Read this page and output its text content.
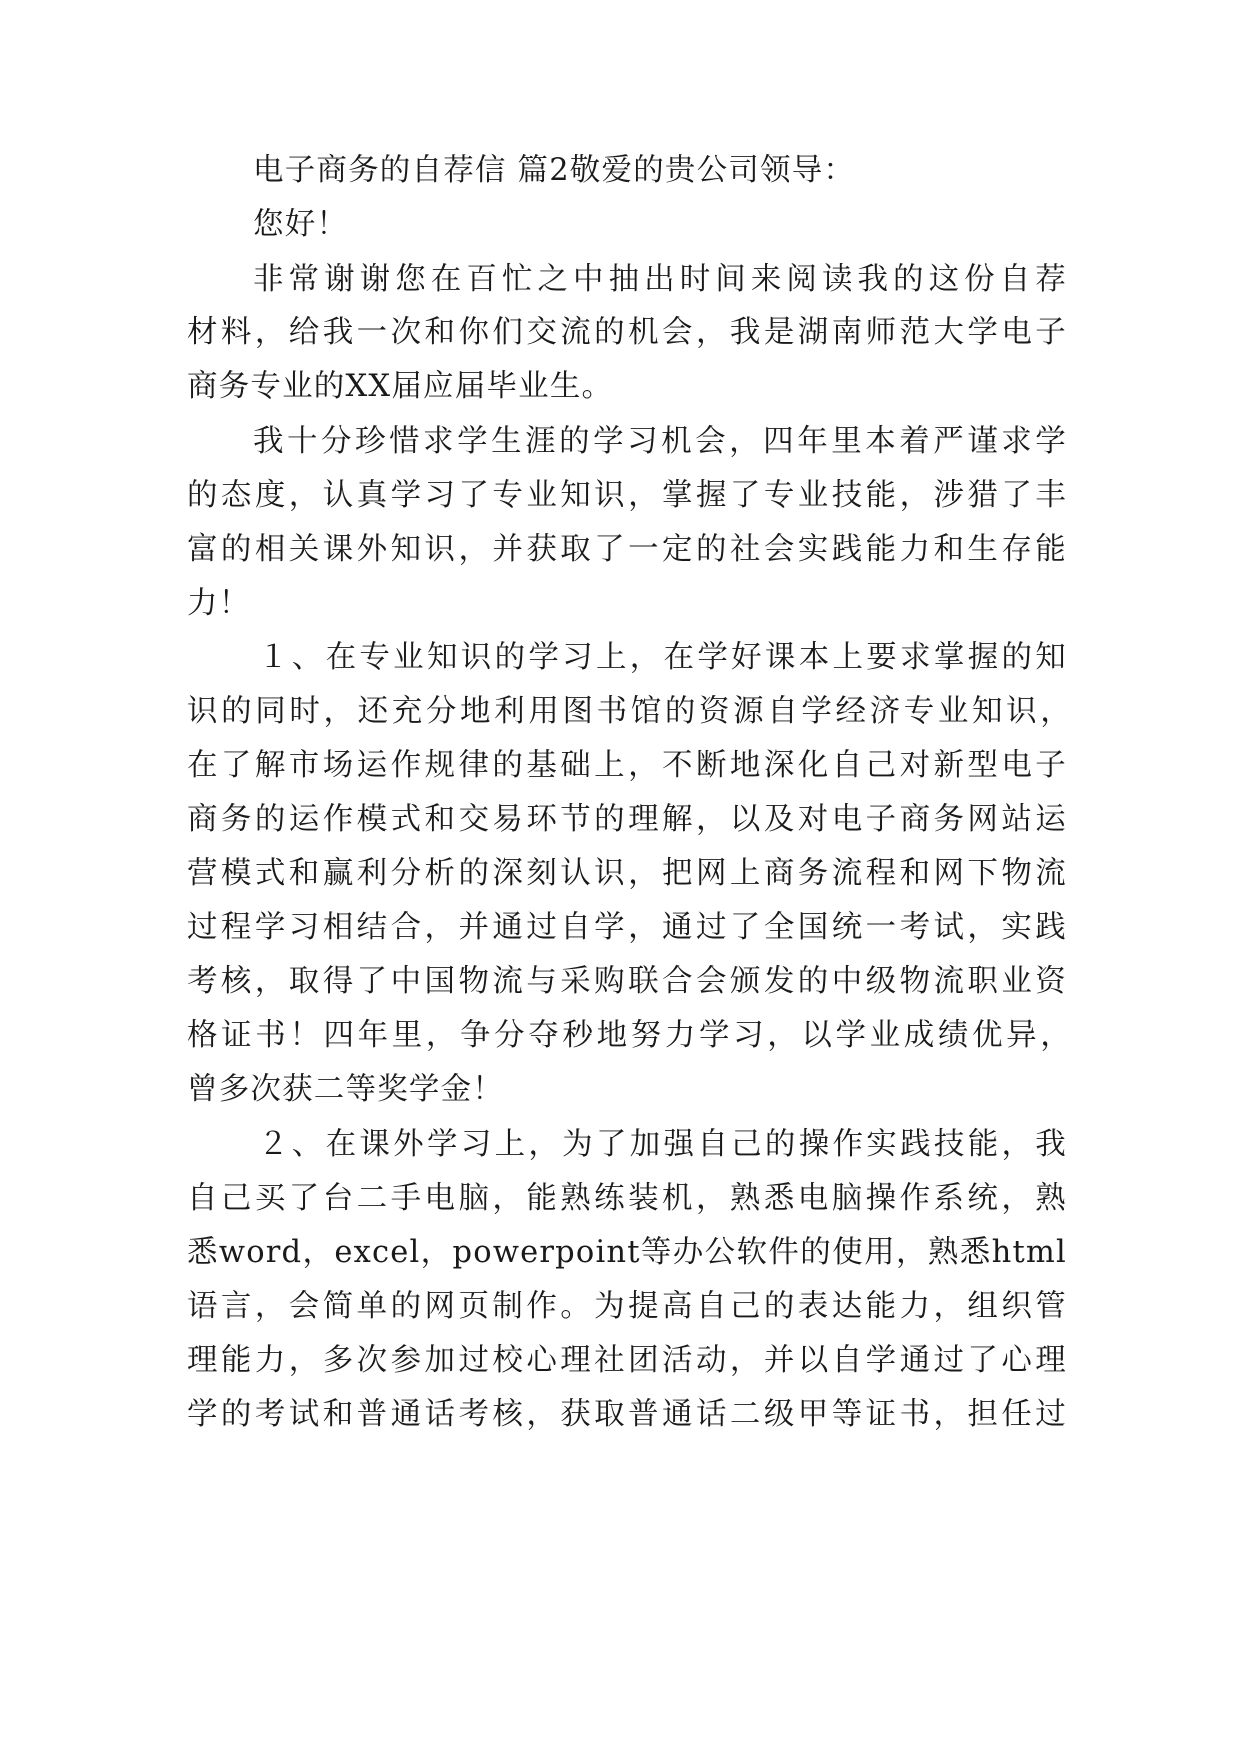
电子商务的自荐信 篇2敬爱的贵公司领导：
您好！
非常谢谢您在百忙之中抽出时间来阅读我的这份自荐
材料，给我一次和你们交流的机会，我是湖南师范大学电子
商务专业的XX届应届毕业生。
我十分珍惜求学生涯的学习机会，四年里本着严谨求学
的态度，认真学习了专业知识，掌握了专业技能，涉猎了丰
富的相关课外知识，并获取了一定的社会实践能力和生存能
力！
１、在专业知识的学习上，在学好课本上要求掌握的知
识的同时，还充分地利用图书馆的资源自学经济专业知识，
在了解市场运作规律的基础上，不断地深化自己对新型电子
商务的运作模式和交易环节的理解，以及对电子商务网站运
营模式和赢利分析的深刻认识，把网上商务流程和网下物流
过程学习相结合，并通过自学，通过了全国统一考试，实践
考核，取得了中国物流与采购联合会颁发的中级物流职业资
格证书！四年里，争分夺秒地努力学习，以学业成绩优异，
曾多次获二等奖学金！
２、在课外学习上，为了加强自己的操作实践技能，我
自己买了台二手电脑，能熟练装机，熟悉电脑操作系统，熟
悉word，excel，powerpoint等办公软件的使用，熟悉html
语言，会简单的网页制作。为提高自己的表达能力，组织管
理能力，多次参加过校心理社团活动，并以自学通过了心理
学的考试和普通话考核，获取普通话二级甲等证书，担任过
